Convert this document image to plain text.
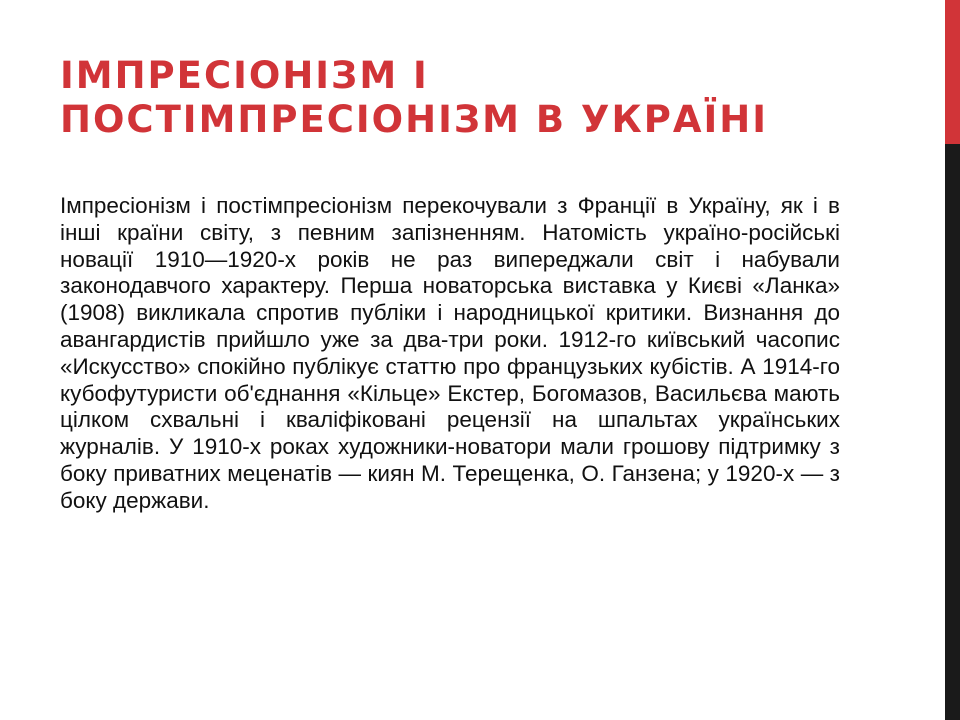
ІМПРЕСІОНІЗМ І
ПОСТІМПРЕСІОНІЗМ В УКРАЇНІ

Імпресіонізм і постімпресіонізм перекочували з Франції в Україну, як і в інші країни світу, з певним запізненням. Натомість україно-російські новації 1910—1920-х років не раз випереджали світ і набували законодавчого характеру. Перша новаторська виставка у Києві «Ланка» (1908) викликала спротив публіки і народницької критики. Визнання до авангардистів прийшло уже за два-три роки. 1912-го київський часопис «Искусство» спокійно публікує статтю про французьких кубістів. А 1914-го кубофутуристи об'єднання «Кільце» Екстер, Богомазов, Васильєва мають цілком схвальні і кваліфіковані рецензії на шпальтах українських журналів. У 1910-х роках художники-новатори мали грошову підтримку з боку приватних меценатів — киян М. Терещенка, О. Ганзена; у 1920-х — з боку держави.
